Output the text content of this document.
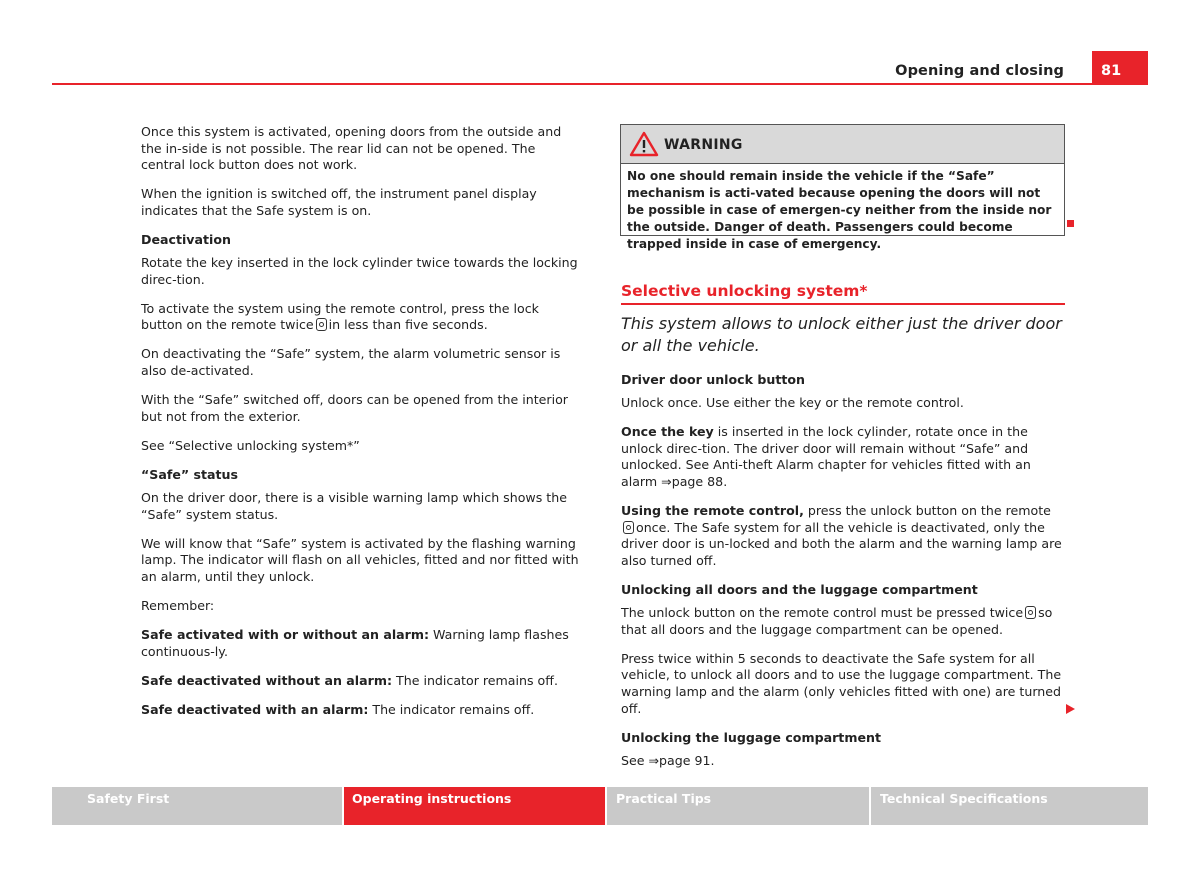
Opening and closing	81

Once this system is activated, opening doors from the outside and the in-side is not possible. The rear lid can not be opened. The central lock button does not work.

When the ignition is switched off, the instrument panel display indicates that the Safe system is on.

Deactivation

Rotate the key inserted in the lock cylinder twice towards the locking direc-tion.

To activate the system using the remote control, press the lock button on the remote twice in less than five seconds.

On deactivating the “Safe” system, the alarm volumetric sensor is also de-activated.

With the “Safe” switched off, doors can be opened from the interior but not from the exterior.

See “Selective unlocking system*”

“Safe” status

On the driver door, there is a visible warning lamp which shows the “Safe” system status.

We will know that “Safe” system is activated by the flashing warning lamp. The indicator will flash on all vehicles, fitted and nor fitted with an alarm, until they unlock.

Remember:

Safe activated with or without an alarm: Warning lamp flashes continuous-ly.

Safe deactivated without an alarm: The indicator remains off.

Safe deactivated with an alarm: The indicator remains off.

WARNING
No one should remain inside the vehicle if the “Safe” mechanism is acti-vated because opening the doors will not be possible in case of emergen-cy neither from the inside nor the outside. Danger of death. Passengers could become trapped inside in case of emergency.
Selective unlocking system*
This system allows to unlock either just the driver door or all the vehicle.

Driver door unlock button

Unlock once. Use either the key or the remote control.

Once the key is inserted in the lock cylinder, rotate once in the unlock direc-tion. The driver door will remain without “Safe” and unlocked. See Anti-theft Alarm chapter for vehicles fitted with an alarm ⇒page 88.

Using the remote control, press the unlock button on the remoteonce. The Safe system for all the vehicle is deactivated, only the driver door is un-locked and both the alarm and the warning lamp are also turned off.

Unlocking all doors and the luggage compartment

The unlock button on the remote control must be pressed twice so that all doors and the luggage compartment can be opened.

Press twice within 5 seconds to deactivate the Safe system for all vehicle, to unlock all doors and to use the luggage compartment. The warning lamp and the alarm (only vehicles fitted with one) are turned off.

Unlocking the luggage compartment

See ⇒page 91.

Safety First	Operating instructions	Practical Tips	Technical Specifications
